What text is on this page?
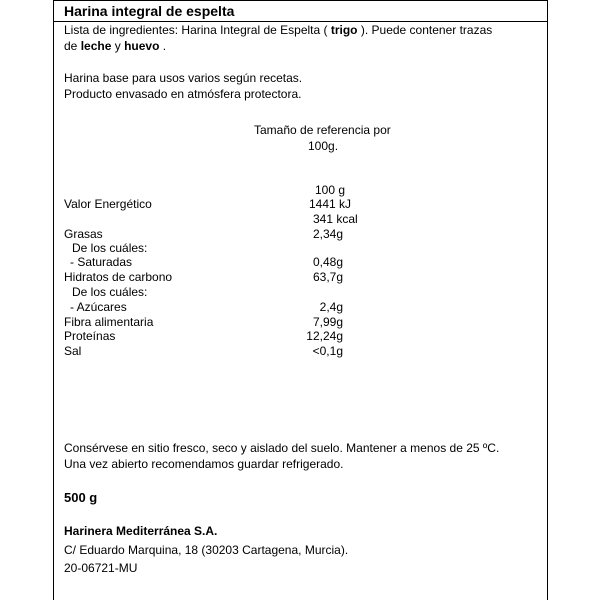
Harina integral de espelta
Lista de ingredientes: Harina Integral de Espelta ( trigo ). Puede contener trazas
de leche y huevo .
Harina base para usos varios según recetas.
Producto envasado en atmósfera protectora.
Tamaño de referencia por
100g.
100 g
Valor Energético	1441 kJ
341 kcal
Grasas	2,34g
De los cuáles:
- Saturadas	0,48g
Hidratos de carbono	63,7g
De los cuáles:
- Azúcares	2,4g
Fibra alimentaria	7,99g
Proteínas	12,24g
Sal	<0,1g
Consérvese en sitio fresco, seco y aislado del suelo. Mantener a menos de 25 ºC.
Una vez abierto recomendamos guardar refrigerado.
500 g
Harinera Mediterránea S.A.
C/ Eduardo Marquina, 18 (30203 Cartagena, Murcia).
20-06721-MU
